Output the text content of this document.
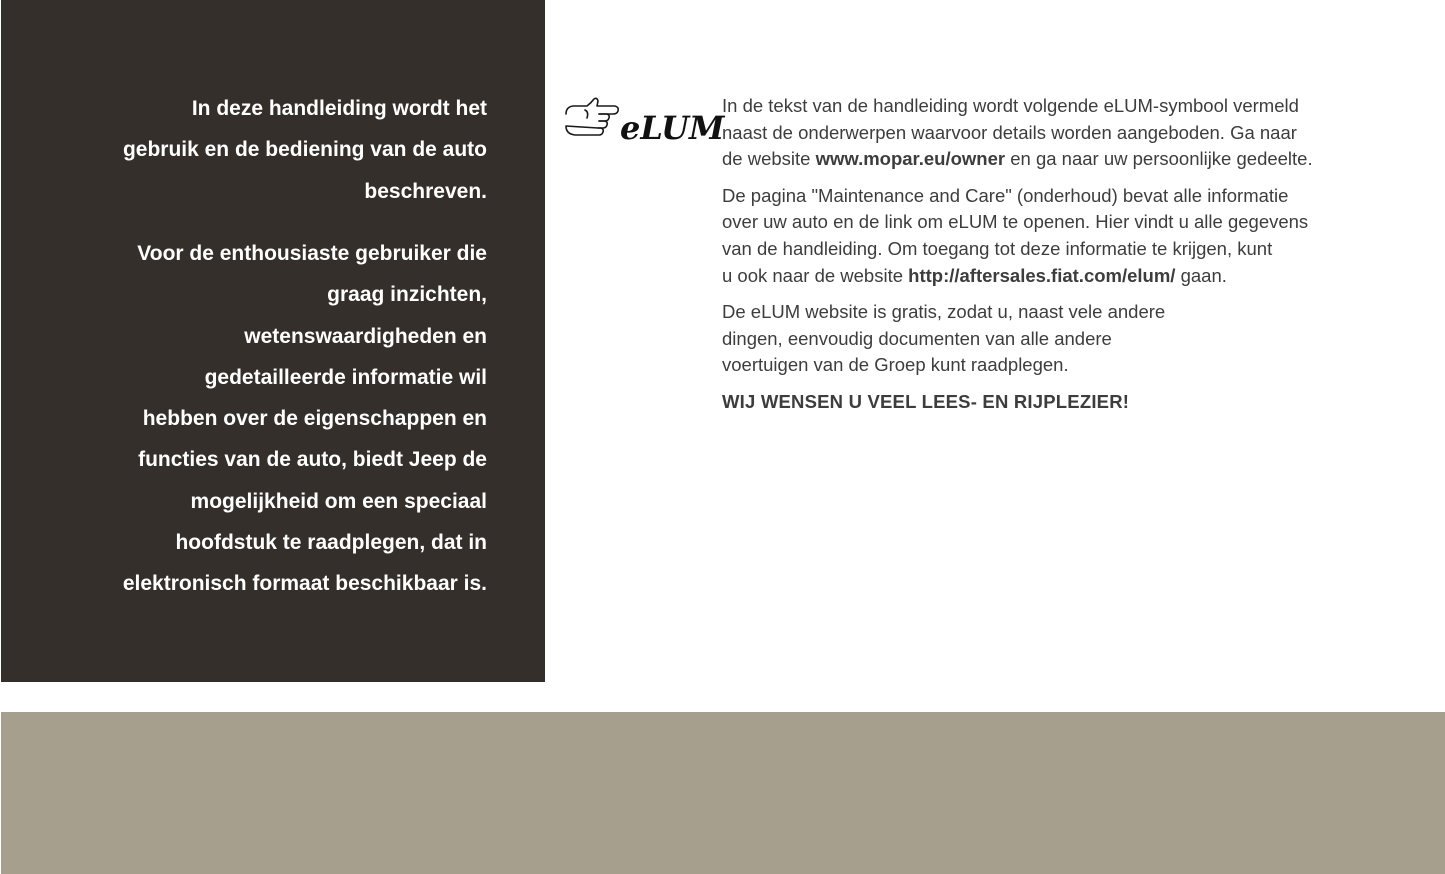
In deze handleiding wordt het
gebruik en de bediening van de auto
beschreven.

Voor de enthousiaste gebruiker die
graag inzichten,
wetenswaardigheden en
gedetailleerde informatie wil
hebben over de eigenschappen en
functies van de auto, biedt Jeep de
mogelijkheid om een speciaal
hoofdstuk te raadplegen, dat in
elektronisch formaat beschikbaar is.

eLUM

In de tekst van de handleiding wordt volgende eLUM-symbool vermeld
naast de onderwerpen waarvoor details worden aangeboden. Ga naar
de website www.mopar.eu/owner en ga naar uw persoonlijke gedeelte.

De pagina "Maintenance and Care" (onderhoud) bevat alle informatie
over uw auto en de link om eLUM te openen. Hier vindt u alle gegevens
van de handleiding. Om toegang tot deze informatie te krijgen, kunt
u ook naar de website http://aftersales.fiat.com/elum/ gaan.

De eLUM website is gratis, zodat u, naast vele andere
dingen, eenvoudig documenten van alle andere
voertuigen van de Groep kunt raadplegen.

WIJ WENSEN U VEEL LEES- EN RIJPLEZIER!
